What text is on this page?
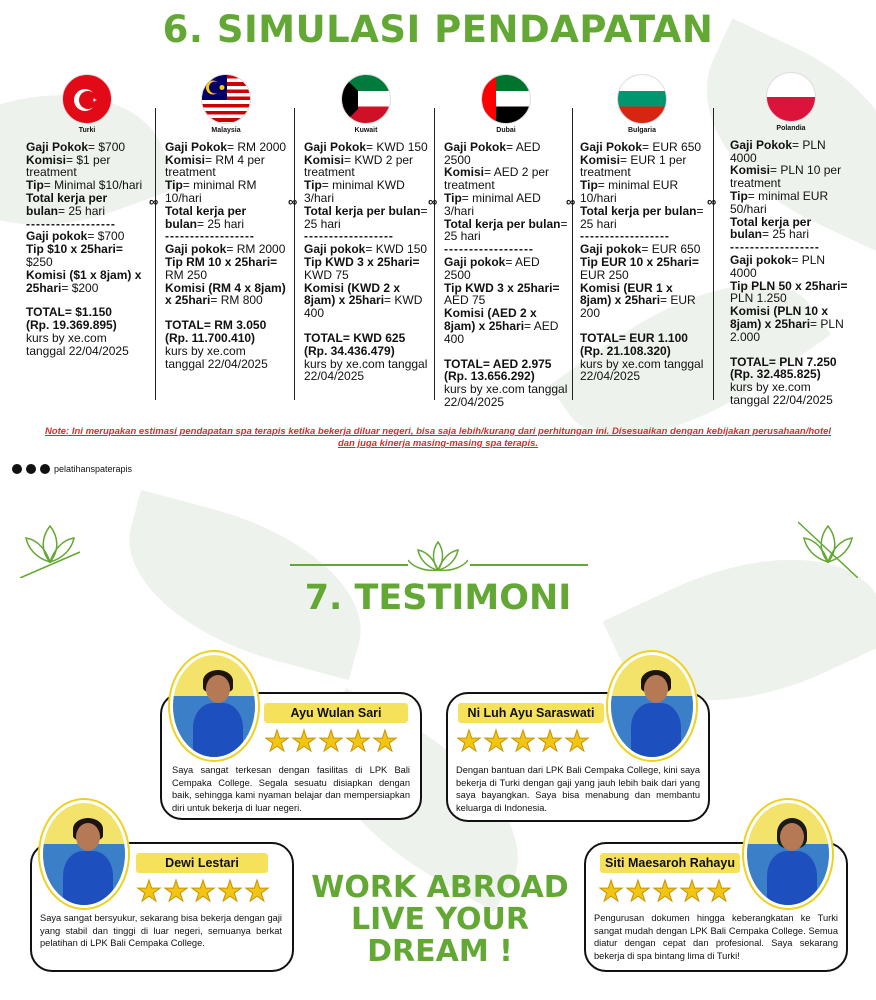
6. SIMULASI PENDAPATAN
Turki

Gaji Pokok= $700

Komisi= $1 per treatment

Tip= Minimal $10/hari

Total kerja per bulan= 25 hari

------------------

Gaji pokok= $700

Tip $10 x 25hari= $250

Komisi ($1 x 8jam) x 25hari= $200

TOTAL= $1.150

(Rp. 19.369.895)

kurs by xe.com tanggal 22/04/2025

Malaysia

Gaji Pokok= RM 2000

Komisi= RM 4 per treatment

Tip= minimal RM 10/hari

Total kerja per bulan= 25 hari

------------------

Gaji pokok= RM 2000

Tip RM 10 x 25hari= RM 250

Komisi (RM 4 x 8jam) x 25hari= RM 800

TOTAL= RM 3.050

(Rp. 11.700.410)

kurs by xe.com tanggal 22/04/2025

Kuwait

Gaji Pokok= KWD 150

Komisi= KWD 2 per treatment

Tip= minimal KWD 3/hari

Total kerja per bulan= 25 hari

------------------

Gaji pokok= KWD 150

Tip KWD 3 x 25hari= KWD 75

Komisi (KWD 2 x 8jam) x 25hari= KWD 400

TOTAL= KWD 625

(Rp. 34.436.479)

kurs by xe.com tanggal 22/04/2025

Dubai

Gaji Pokok= AED 2500

Komisi= AED 2 per treatment

Tip= minimal AED 3/hari

Total kerja per bulan= 25 hari

------------------

Gaji pokok= AED 2500

Tip KWD 3 x 25hari= AED 75

Komisi (AED 2 x 8jam) x 25hari= AED 400

TOTAL= AED 2.975

(Rp. 13.656.292)

kurs by xe.com tanggal 22/04/2025

Bulgaria

Gaji Pokok= EUR 650

Komisi= EUR 1 per treatment

Tip= minimal EUR 10/hari

Total kerja per bulan= 25 hari

------------------

Gaji pokok= EUR 650

Tip EUR 10 x 25hari= EUR 250

Komisi (EUR 1 x 8jam) x 25hari= EUR 200

TOTAL= EUR 1.100

(Rp. 21.108.320)

kurs by xe.com tanggal 22/04/2025

Polandia

Gaji Pokok= PLN 4000

Komisi= PLN 10 per treatment

Tip= minimal EUR 50/hari

Total kerja per bulan= 25 hari

------------------

Gaji pokok= PLN 4000

Tip PLN 50 x 25hari= PLN 1.250

Komisi (PLN 10 x 8jam) x 25hari= PLN 2.000

TOTAL= PLN 7.250

(Rp. 32.485.825)

kurs by xe.com tanggal 22/04/2025

∞	∞	∞	∞	∞
Note: Ini merupakan estimasi pendapatan spa terapis ketika bekerja diluar negeri, bisa saja lebih/kurang dari perhitungan ini. Disesuaikan dengan kebijakan perusahaan/hotel dan juga kinerja masing-masing spa terapis.
pelatihanspaterapis
7. TESTIMONI
Ayu Wulan Sari
★★★★★
Saya sangat terkesan dengan fasilitas di LPK Bali Cempaka College. Segala sesuatu disiapkan dengan baik, sehingga kami nyaman belajar dan mempersiapkan diri untuk bekerja di luar negeri.
Ni Luh Ayu Saraswati
★★★★★
Dengan bantuan dari LPK Bali Cempaka College, kini saya bekerja di Turki dengan gaji yang jauh lebih baik dari yang saya bayangkan. Saya bisa menabung dan membantu keluarga di Indonesia.
Dewi Lestari
★★★★★
Saya sangat bersyukur, sekarang bisa bekerja dengan gaji yang stabil dan tinggi di luar negeri, semuanya berkat pelatihan di LPK Bali Cempaka College.
WORK ABROAD
LIVE YOUR
DREAM !
Siti Maesaroh Rahayu
★★★★★
Pengurusan dokumen hingga keberangkatan ke Turki sangat mudah dengan LPK Bali Cempaka College. Semua diatur dengan cepat dan profesional. Saya sekarang bekerja di spa bintang lima di Turki!
